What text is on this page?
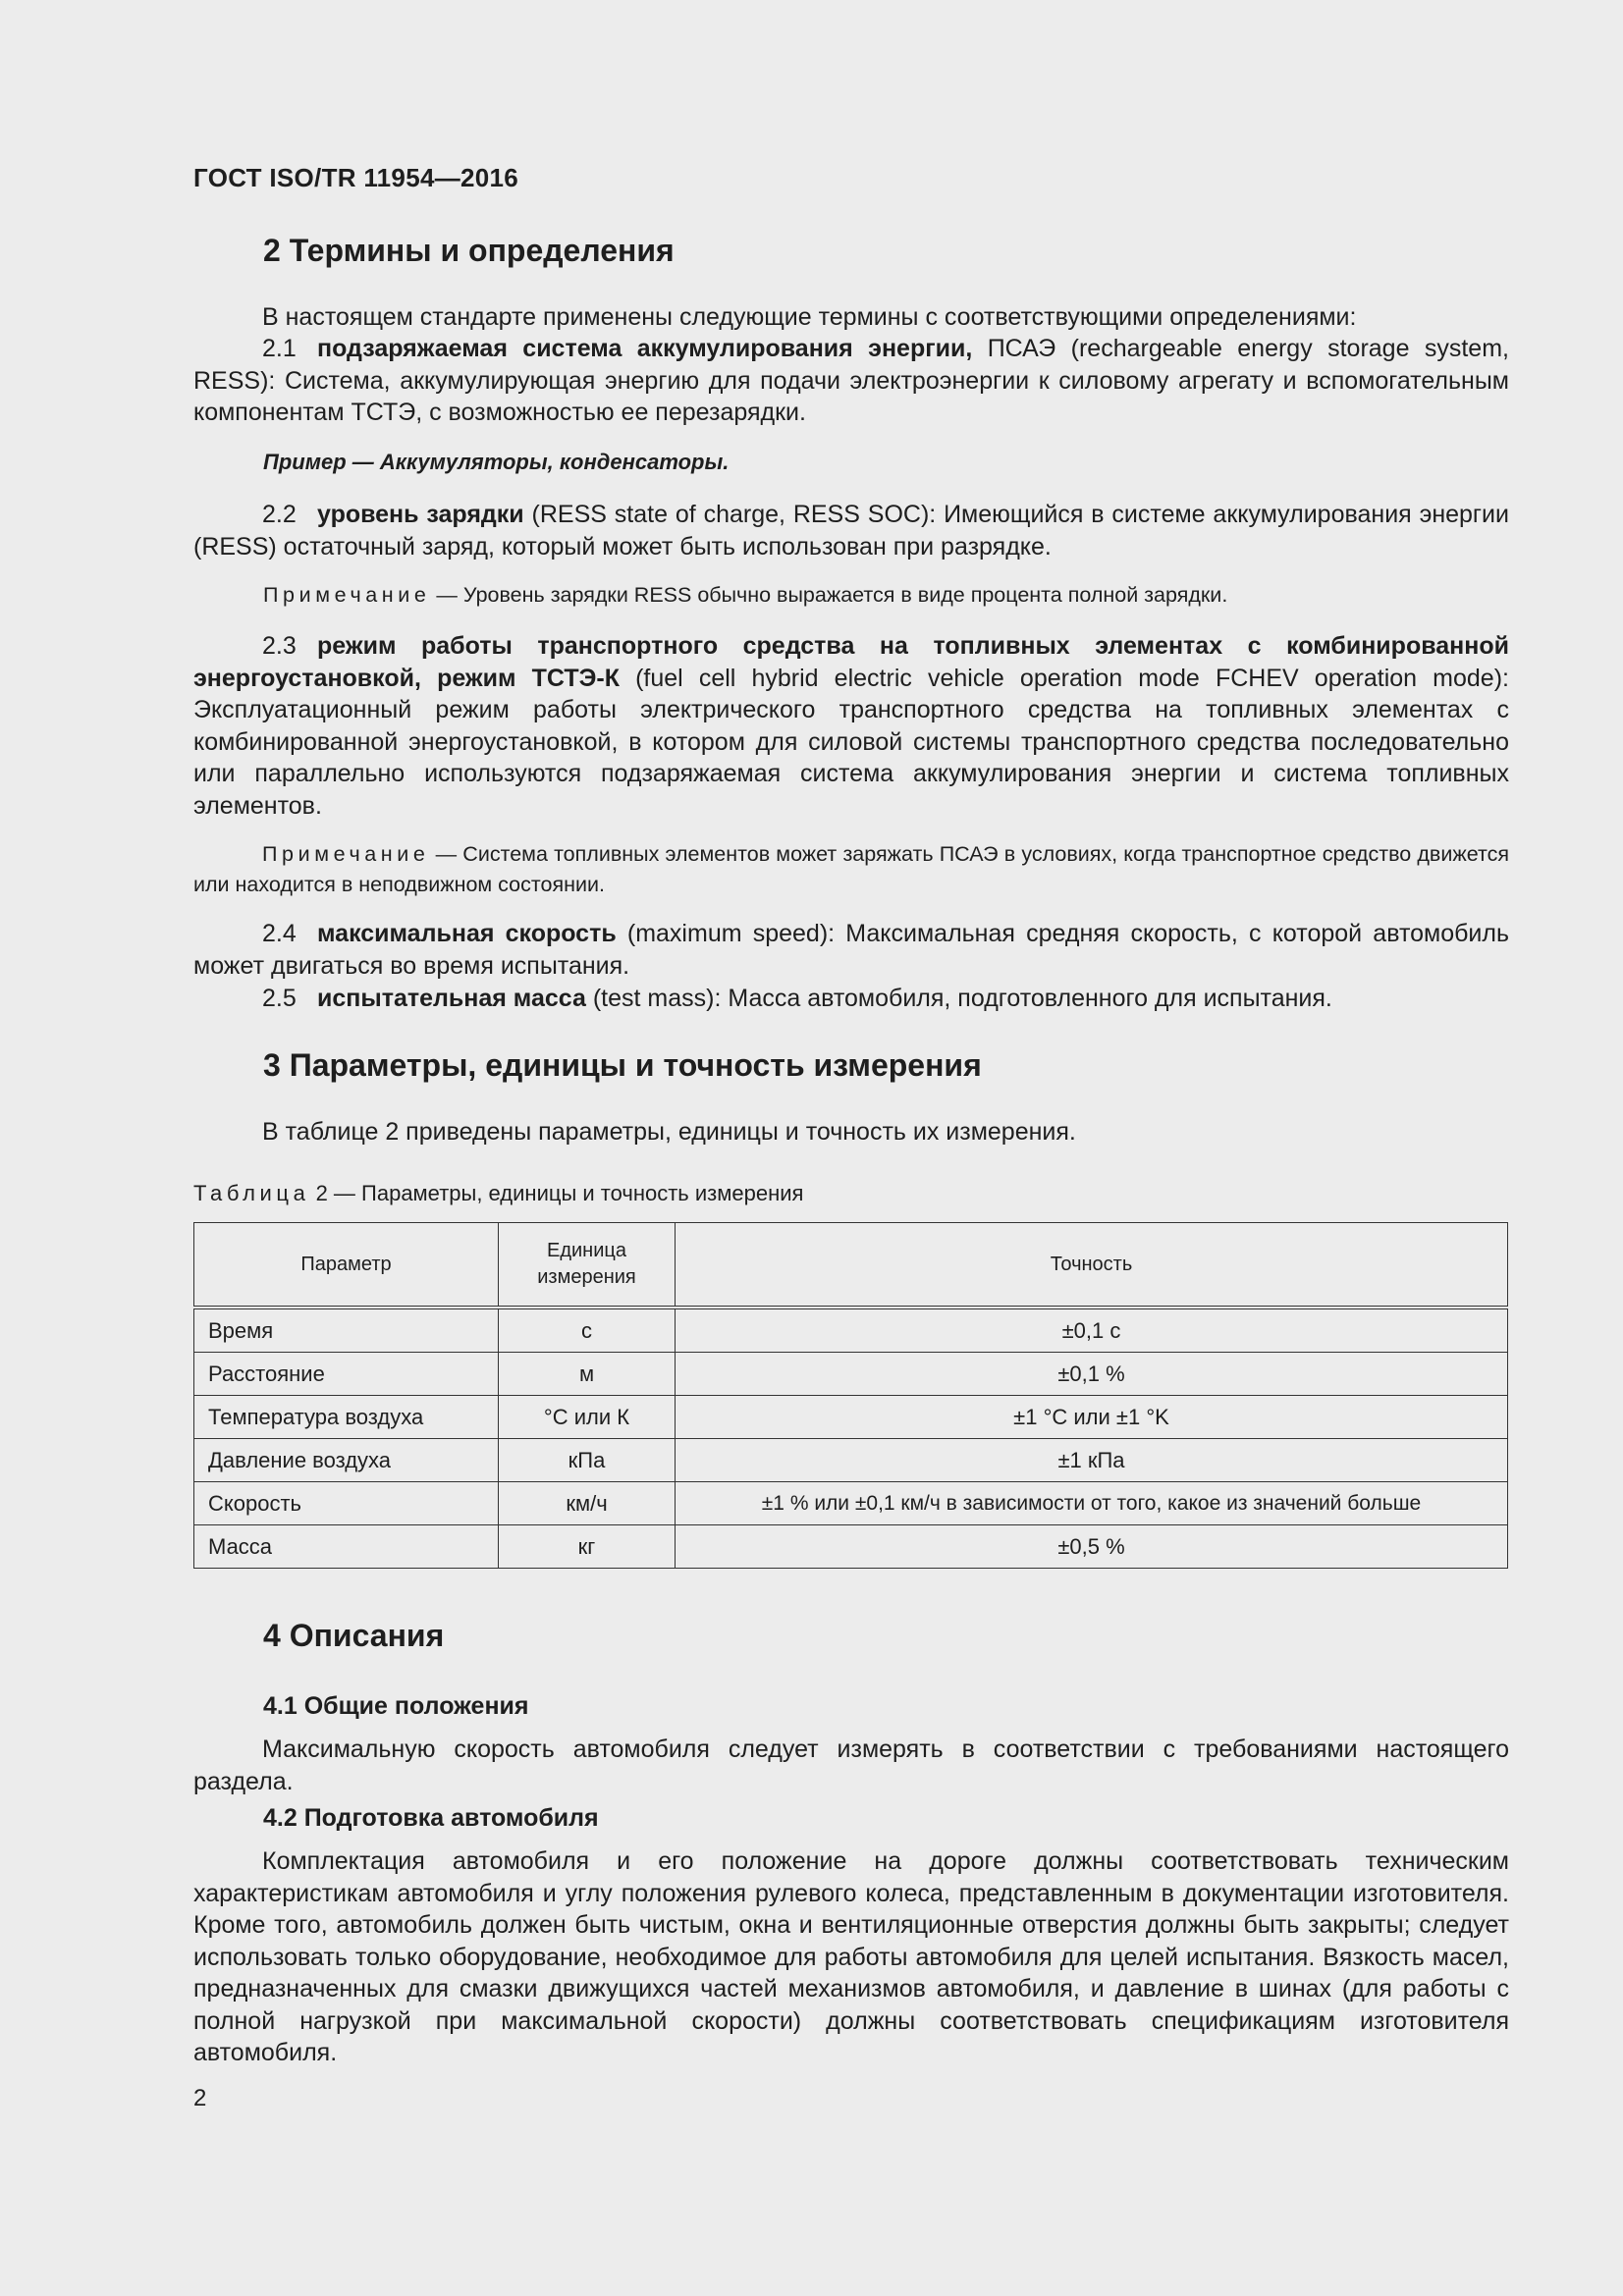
ГОСТ ISO/TR 11954—2016
2 Термины и определения
В настоящем стандарте применены следующие термины с соответствующими определениями:
2.1 подзаряжаемая система аккумулирования энергии, ПСАЭ (rechargeable energy storage system, RESS): Система, аккумулирующая энергию для подачи электроэнергии к силовому агрегату и вспомогательным компонентам ТСТЭ, с возможностью ее перезарядки.
Пример — Аккумуляторы, конденсаторы.
2.2 уровень зарядки (RESS state of charge, RESS SOC): Имеющийся в системе аккумулирования энергии (RESS) остаточный заряд, который может быть использован при разрядке.
Примечание — Уровень зарядки RESS обычно выражается в виде процента полной зарядки.
2.3 режим работы транспортного средства на топливных элементах с комбинированной энергоустановкой, режим ТСТЭ-К (fuel cell hybrid electric vehicle operation mode FCHEV operation mode): Эксплуатационный режим работы электрического транспортного средства на топливных элементах с комбинированной энергоустановкой, в котором для силовой системы транспортного средства последовательно или параллельно используются подзаряжаемая система аккумулирования энергии и система топливных элементов.
Примечание — Система топливных элементов может заряжать ПСАЭ в условиях, когда транспортное средство движется или находится в неподвижном состоянии.
2.4 максимальная скорость (maximum speed): Максимальная средняя скорость, с которой автомобиль может двигаться во время испытания.
2.5 испытательная масса (test mass): Масса автомобиля, подготовленного для испытания.
3 Параметры, единицы и точность измерения
В таблице 2 приведены параметры, единицы и точность их измерения.
Таблица 2 — Параметры, единицы и точность измерения
Параметр	Единица измерения	Точность
Время	с	±0,1 с
Расстояние	м	±0,1 %
Температура воздуха	°С или К	±1 °С или ±1 °K
Давление воздуха	кПа	±1 кПа
Скорость	км/ч	±1 % или ±0,1 км/ч в зависимости от того, какое из значений больше
Масса	кг	±0,5 %
4 Описания
4.1 Общие положения
Максимальную скорость автомобиля следует измерять в соответствии с требованиями настоящего раздела.
4.2 Подготовка автомобиля
Комплектация автомобиля и его положение на дороге должны соответствовать техническим характеристикам автомобиля и углу положения рулевого колеса, представленным в документации изготовителя. Кроме того, автомобиль должен быть чистым, окна и вентиляционные отверстия должны быть закрыты; следует использовать только оборудование, необходимое для работы автомобиля для целей испытания. Вязкость масел, предназначенных для смазки движущихся частей механизмов автомобиля, и давление в шинах (для работы с полной нагрузкой при максимальной скорости) должны соответствовать спецификациям изготовителя автомобиля.
2
